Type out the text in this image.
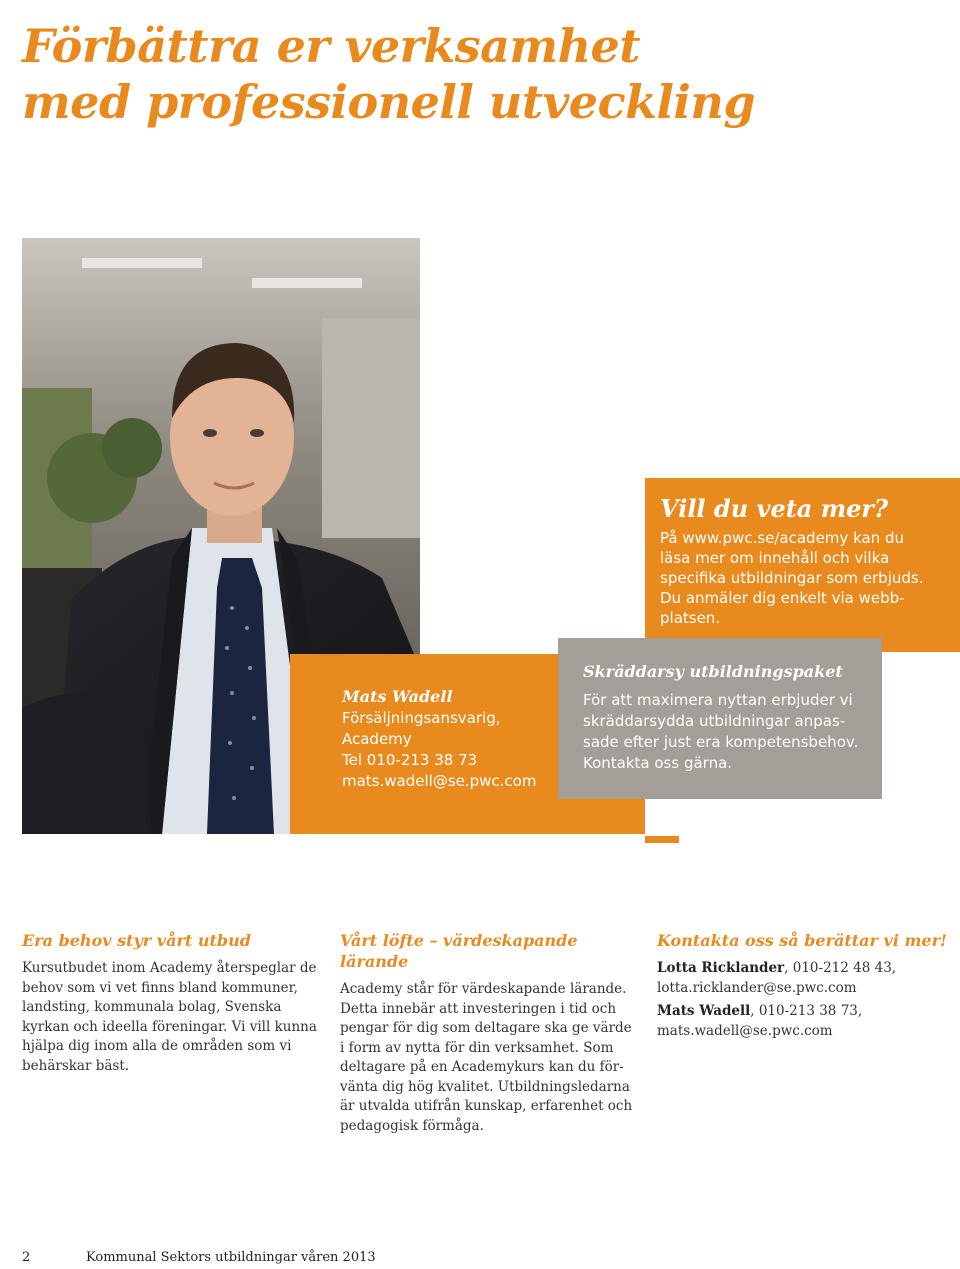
Förbättra er verksamhet
med professionell utveckling
Vill du veta mer?
På www.pwc.se/academy kan du
läsa mer om innehåll och vilka
specifika utbildningar som erbjuds.
Du anmäler dig enkelt via webb-
platsen.
Mats Wadell
Försäljningsansvarig,
Academy
Tel 010-213 38 73
mats.wadell@se.pwc.com
Skräddarsy utbildningspaket
För att maximera nyttan erbjuder vi
skräddarsydda utbildningar anpas-
sade efter just era kompetensbehov.
Kontakta oss gärna.
Era behov styr vårt utbud

Kursutbudet inom Academy återspeglar de
behov som vi vet finns bland kommuner,
landsting, kommunala bolag, Svenska
kyrkan och ideella föreningar. Vi vill kunna
hjälpa dig inom alla de områden som vi
behärskar bäst.

Vårt löfte – värdeskapande
lärande

Academy står för värdeskapande lärande.
Detta innebär att investeringen i tid och
pengar för dig som deltagare ska ge värde
i form av nytta för din verksamhet. Som
deltagare på en Academykurs kan du för-
vänta dig hög kvalitet. Utbildningsledarna
är utvalda utifrån kunskap, erfarenhet och
pedagogisk förmåga.

Kontakta oss så berättar vi mer!
Lotta Ricklander, 010-212 48 43,
lotta.ricklander@se.pwc.com
Mats Wadell, 010-213 38 73,
mats.wadell@se.pwc.com
2	Kommunal Sektors utbildningar våren 2013
